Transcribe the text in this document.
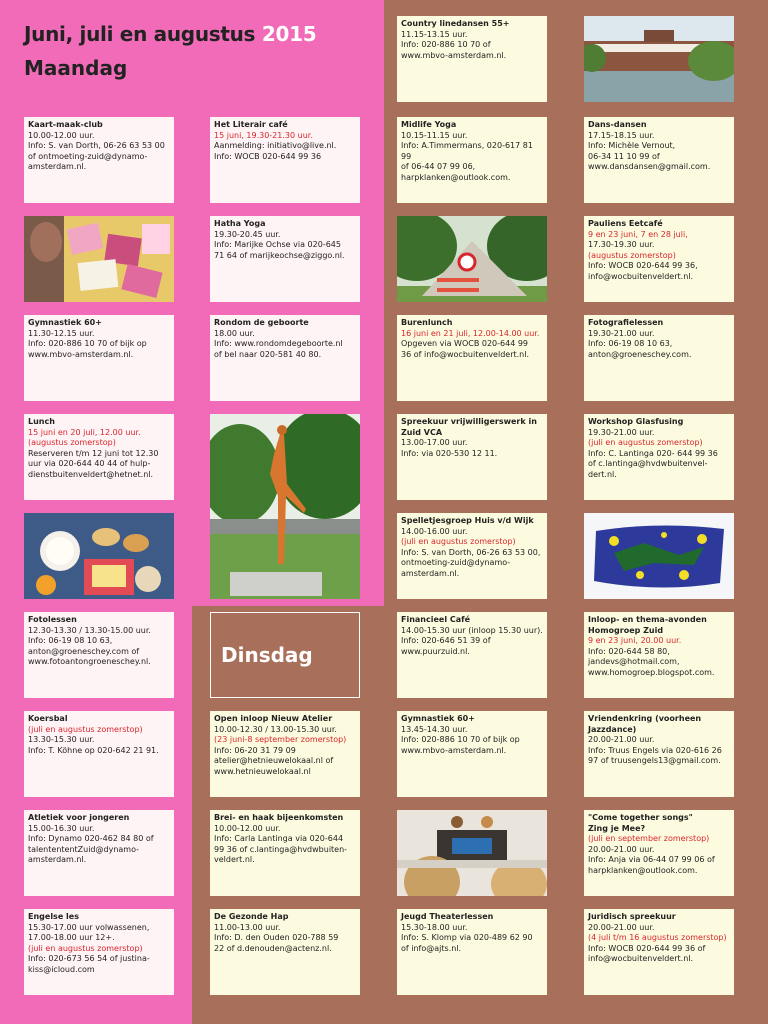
Juni, juli en augustus 2015
Maandag
Dinsdag
Kaart-maak-club
10.00-12.00 uur.
Info: S. van Dorth, 06-26 63 53 00
of ontmoeting-zuid@dynamo-
amsterdam.nl.
Gymnastiek 60+
11.30-12.15 uur.
Info: 020-886 10 70 of bijk op
www.mbvo-amsterdam.nl.
Lunch
15 juni en 20 juli, 12.00 uur.
(augustus zomerstop)
Reserveren t/m 12 juni tot 12.30
uur via 020-644 40 44 of hulp-
dienstbuitenveldert@hetnet.nl.
Fotolessen
12.30-13.30 / 13.30-15.00 uur.
Info: 06-19 08 10 63,
anton@groeneschey.com of
www.fotoantongroeneschey.nl.
Koersbal
(juli en augustus zomerstop)
13.30-15.30 uur.
Info: T. Köhne op 020-642 21 91.
Atletiek voor jongeren
15.00-16.30 uur.
Info: Dynamo 020-462 84 80 of
talentententZuid@dynamo-
amsterdam.nl.
Engelse les
15.30-17.00 uur volwassenen,
17.00-18.00 uur 12+.
(juli en augustus zomerstop)
Info: 020-673 56 54 of justina-
kiss@icloud.com
Het Literair café
15 juni, 19.30-21.30 uur.
Aanmelding: initiativo@live.nl.
Info: WOCB 020-644 99 36
Hatha Yoga
19.30-20.45 uur.
Info: Marijke Ochse via 020-645
71 64 of marijkeochse@ziggo.nl.
Rondom de geboorte
18.00 uur.
Info: www.rondomdegeboorte.nl
of bel naar 020-581 40 80.
Open inloop Nieuw Atelier
10.00-12.30 / 13.00-15.30 uur.
(23 juni-8 september zomerstop)
Info: 06-20 31 79 09
atelier@hetnieuwelokaal.nl of
www.hetnieuwelokaal.nl
Brei- en haak bijeenkomsten
10.00-12.00 uur.
Info: Carla Lantinga via 020-644
99 36 of c.lantinga@hvdwbuiten-
veldert.nl.
De Gezonde Hap
11.00-13.00 uur.
Info: D. den Ouden 020-788 59
22 of d.denouden@actenz.nl.
Country linedansen 55+
11.15-13.15 uur.
Info: 020-886 10 70 of
www.mbvo-amsterdam.nl.
Midlife Yoga
10.15-11.15 uur.
Info: A.Timmermans, 020-617 81 99
of 06-44 07 99 06,
harpklanken@outlook.com.
Burenlunch
16 juni en 21 juli, 12.00-14.00 uur.
Opgeven via WOCB 020-644 99
36 of info@wocbuitenveldert.nl.
Spreekuur vrijwilligerswerk in
Zuid VCA
13.00-17.00 uur.
Info: via 020-530 12 11.
Spelletjesgroep Huis v/d Wijk
14.00-16.00 uur.
(juli en augustus zomerstop)
Info: S. van Dorth, 06-26 63 53 00,
ontmoeting-zuid@dynamo-
amsterdam.nl.
Financieel Café
14.00-15.30 uur (inloop 15.30 uur).
Info: 020-646 51 39 of
www.puurzuid.nl.
Gymnastiek 60+
13.45-14.30 uur.
Info: 020-886 10 70 of bijk op
www.mbvo-amsterdam.nl.
Jeugd Theaterlessen
15.30-18.00 uur.
Info: S. Klomp via 020-489 62 90
of info@ajts.nl.
Dans-dansen
17.15-18.15 uur.
Info: Michèle Vernout,
06-34 11 10 99 of
www.dansdansen@gmail.com.
Pauliens Eetcafé
9 en 23 juni, 7 en 28 juli,
17.30-19.30 uur.
(augustus zomerstop)
Info: WOCB 020-644 99 36,
info@wocbuitenveldert.nl.
Fotografielessen
19.30-21.00 uur.
Info: 06-19 08 10 63,
anton@groeneschey.com.
Workshop Glasfusing
19.30-21.00 uur.
(juli en augustus zomerstop)
Info: C. Lantinga 020- 644 99 36
of c.lantinga@hvdwbuitenvel-
dert.nl.
Inloop- en thema-avonden
Homogroep Zuid
9 en 23 juni, 20.00 uur.
Info: 020-644 58 80,
jandevs@hotmail.com,
www.homogroep.blogspot.com.
Vriendenkring (voorheen
Jazzdance)
20.00-21.00 uur.
Info: Truus Engels via 020-616 26
97 of truusengels13@gmail.com.
"Come together songs"
Zing je Mee?
(juli en september zomerstop)
20.00-21.00 uur.
Info: Anja via 06-44 07 99 06 of
harpklanken@outlook.com.
Juridisch spreekuur
20.00-21.00 uur.
(4 juli t/m 16 augustus zomerstop)
Info: WOCB 020-644 99 36 of
info@wocbuitenveldert.nl.
